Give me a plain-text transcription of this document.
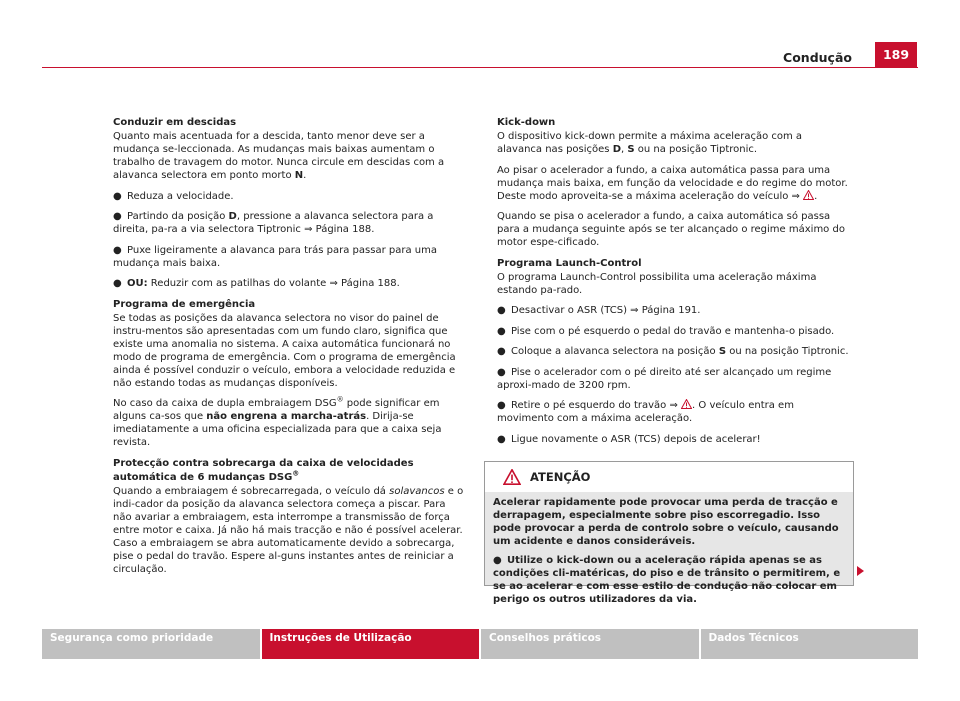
Condução	189
Conduzir em descidas

Quanto mais acentuada for a descida, tanto menor deve ser a mudança se-leccionada. As mudanças mais baixas aumentam o trabalho de travagem do motor. Nunca circule em descidas com a alavanca selectora em ponto morto N.

● Reduza a velocidade.
● Partindo da posição D, pressione a alavanca selectora para a direita, pa-ra a via selectora Tiptronic ⇒ Página 188.
● Puxe ligeiramente a alavanca para trás para passar para uma mudança mais baixa.
● OU: Reduzir com as patilhas do volante ⇒ Página 188.
Programa de emergência

Se todas as posições da alavanca selectora no visor do painel de instru-mentos são apresentadas com um fundo claro, significa que existe uma anomalia no sistema. A caixa automática funcionará no modo de programa de emergência. Com o programa de emergência ainda é possível conduzir o veículo, embora a velocidade reduzida e não estando todas as mudanças disponíveis.

No caso da caixa de dupla embraiagem DSG® pode significar em alguns ca-sos que não engrena a marcha-atrás. Dirija-se imediatamente a uma oficina especializada para que a caixa seja revista.

Protecção contra sobrecarga da caixa de velocidades automática de 6 mudanças DSG®

Quando a embraiagem é sobrecarregada, o veículo dá solavancos e o indi-cador da posição da alavanca selectora começa a piscar. Para não avariar a embraiagem, esta interrompe a transmissão de força entre motor e caixa. Já não há mais tracção e não é possível acelerar. Caso a embraiagem se abra automaticamente devido a sobrecarga, pise o pedal do travão. Espere al-guns instantes antes de reiniciar a circulação.

Kick-down

O dispositivo kick-down permite a máxima aceleração com a alavanca nas posições D, S ou na posição Tiptronic.

Ao pisar o acelerador a fundo, a caixa automática passa para uma mudança mais baixa, em função da velocidade e do regime do motor. Deste modo aproveita-se a máxima aceleração do veículo ⇒ .

Quando se pisa o acelerador a fundo, a caixa automática só passa para a mudança seguinte após se ter alcançado o regime máximo do motor espe-cificado.

Programa Launch-Control

O programa Launch-Control possibilita uma aceleração máxima estando pa-rado.

● Desactivar o ASR (TCS) ⇒ Página 191.
● Pise com o pé esquerdo o pedal do travão e mantenha-o pisado.
● Coloque a alavanca selectora na posição S ou na posição Tiptronic.
● Pise o acelerador com o pé direito até ser alcançado um regime aproxi-mado de 3200 rpm.
● Retire o pé esquerdo do travão ⇒ . O veículo entra em movimento com a máxima aceleração.
● Ligue novamente o ASR (TCS) depois de acelerar!
ATENÇÃO

Acelerar rapidamente pode provocar uma perda de tracção e derrapagem, especialmente sobre piso escorregadio. Isso pode provocar a perda de controlo sobre o veículo, causando um acidente e danos consideráveis.

● Utilize o kick-down ou a aceleração rápida apenas se as condições cli-matéricas, do piso e de trânsito o permitirem, e se ao acelerar e com esse estilo de condução não colocar em perigo os outros utilizadores da via.

Segurança como prioridade	Instruções de Utilização	Conselhos práticos	Dados Técnicos
